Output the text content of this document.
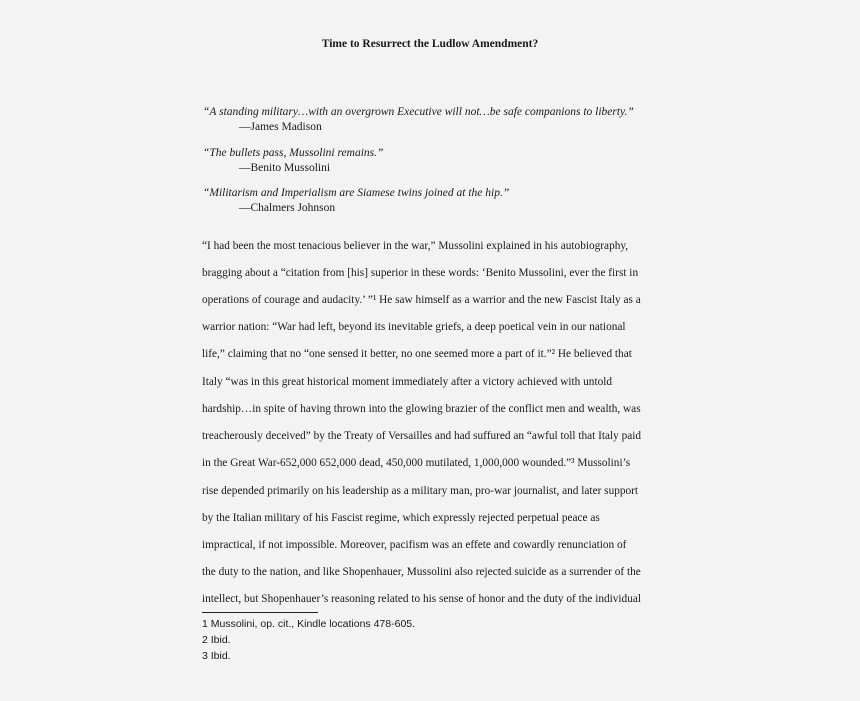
Time to Resurrect the Ludlow Amendment?
“A standing military…with an overgrown Executive will not…be safe companions to liberty.”
—James Madison
“The bullets pass, Mussolini remains.”
—Benito Mussolini
“Militarism and Imperialism are Siamese twins joined at the hip.”
—Chalmers Johnson
“I had been the most tenacious believer in the war,” Mussolini explained in his autobiography,
bragging about a “citation from [his] superior in these words: ‘Benito Mussolini, ever the first in
operations of courage and audacity.’ ”¹ He saw himself as a warrior and the new Fascist Italy as a
warrior nation: “War had left, beyond its inevitable griefs, a deep poetical vein in our national
life,” claiming that no “one sensed it better, no one seemed more a part of it.”² He believed that
Italy “was in this great historical moment immediately after a victory achieved with untold
hardship…in spite of having thrown into the glowing brazier of the conflict men and wealth, was
treacherously deceived” by the Treaty of Versailles and had suffured an “awful toll that Italy paid
in the Great War-652,000 652,000 dead, 450,000 mutilated, 1,000,000 wounded.”³ Mussolini’s
rise depended primarily on his leadership as a military man, pro-war journalist, and later support
by the Italian military of his Fascist regime, which expressly rejected perpetual peace as
impractical, if not impossible. Moreover, pacifism was an effete and cowardly renunciation of
the duty to the nation, and like Shopenhauer, Mussolini also rejected suicide as a surrender of the
intellect, but Shopenhauer’s reasoning related to his sense of honor and the duty of the individual
1 Mussolini, op. cit., Kindle locations 478-605.
2 Ibid.
3 Ibid.
